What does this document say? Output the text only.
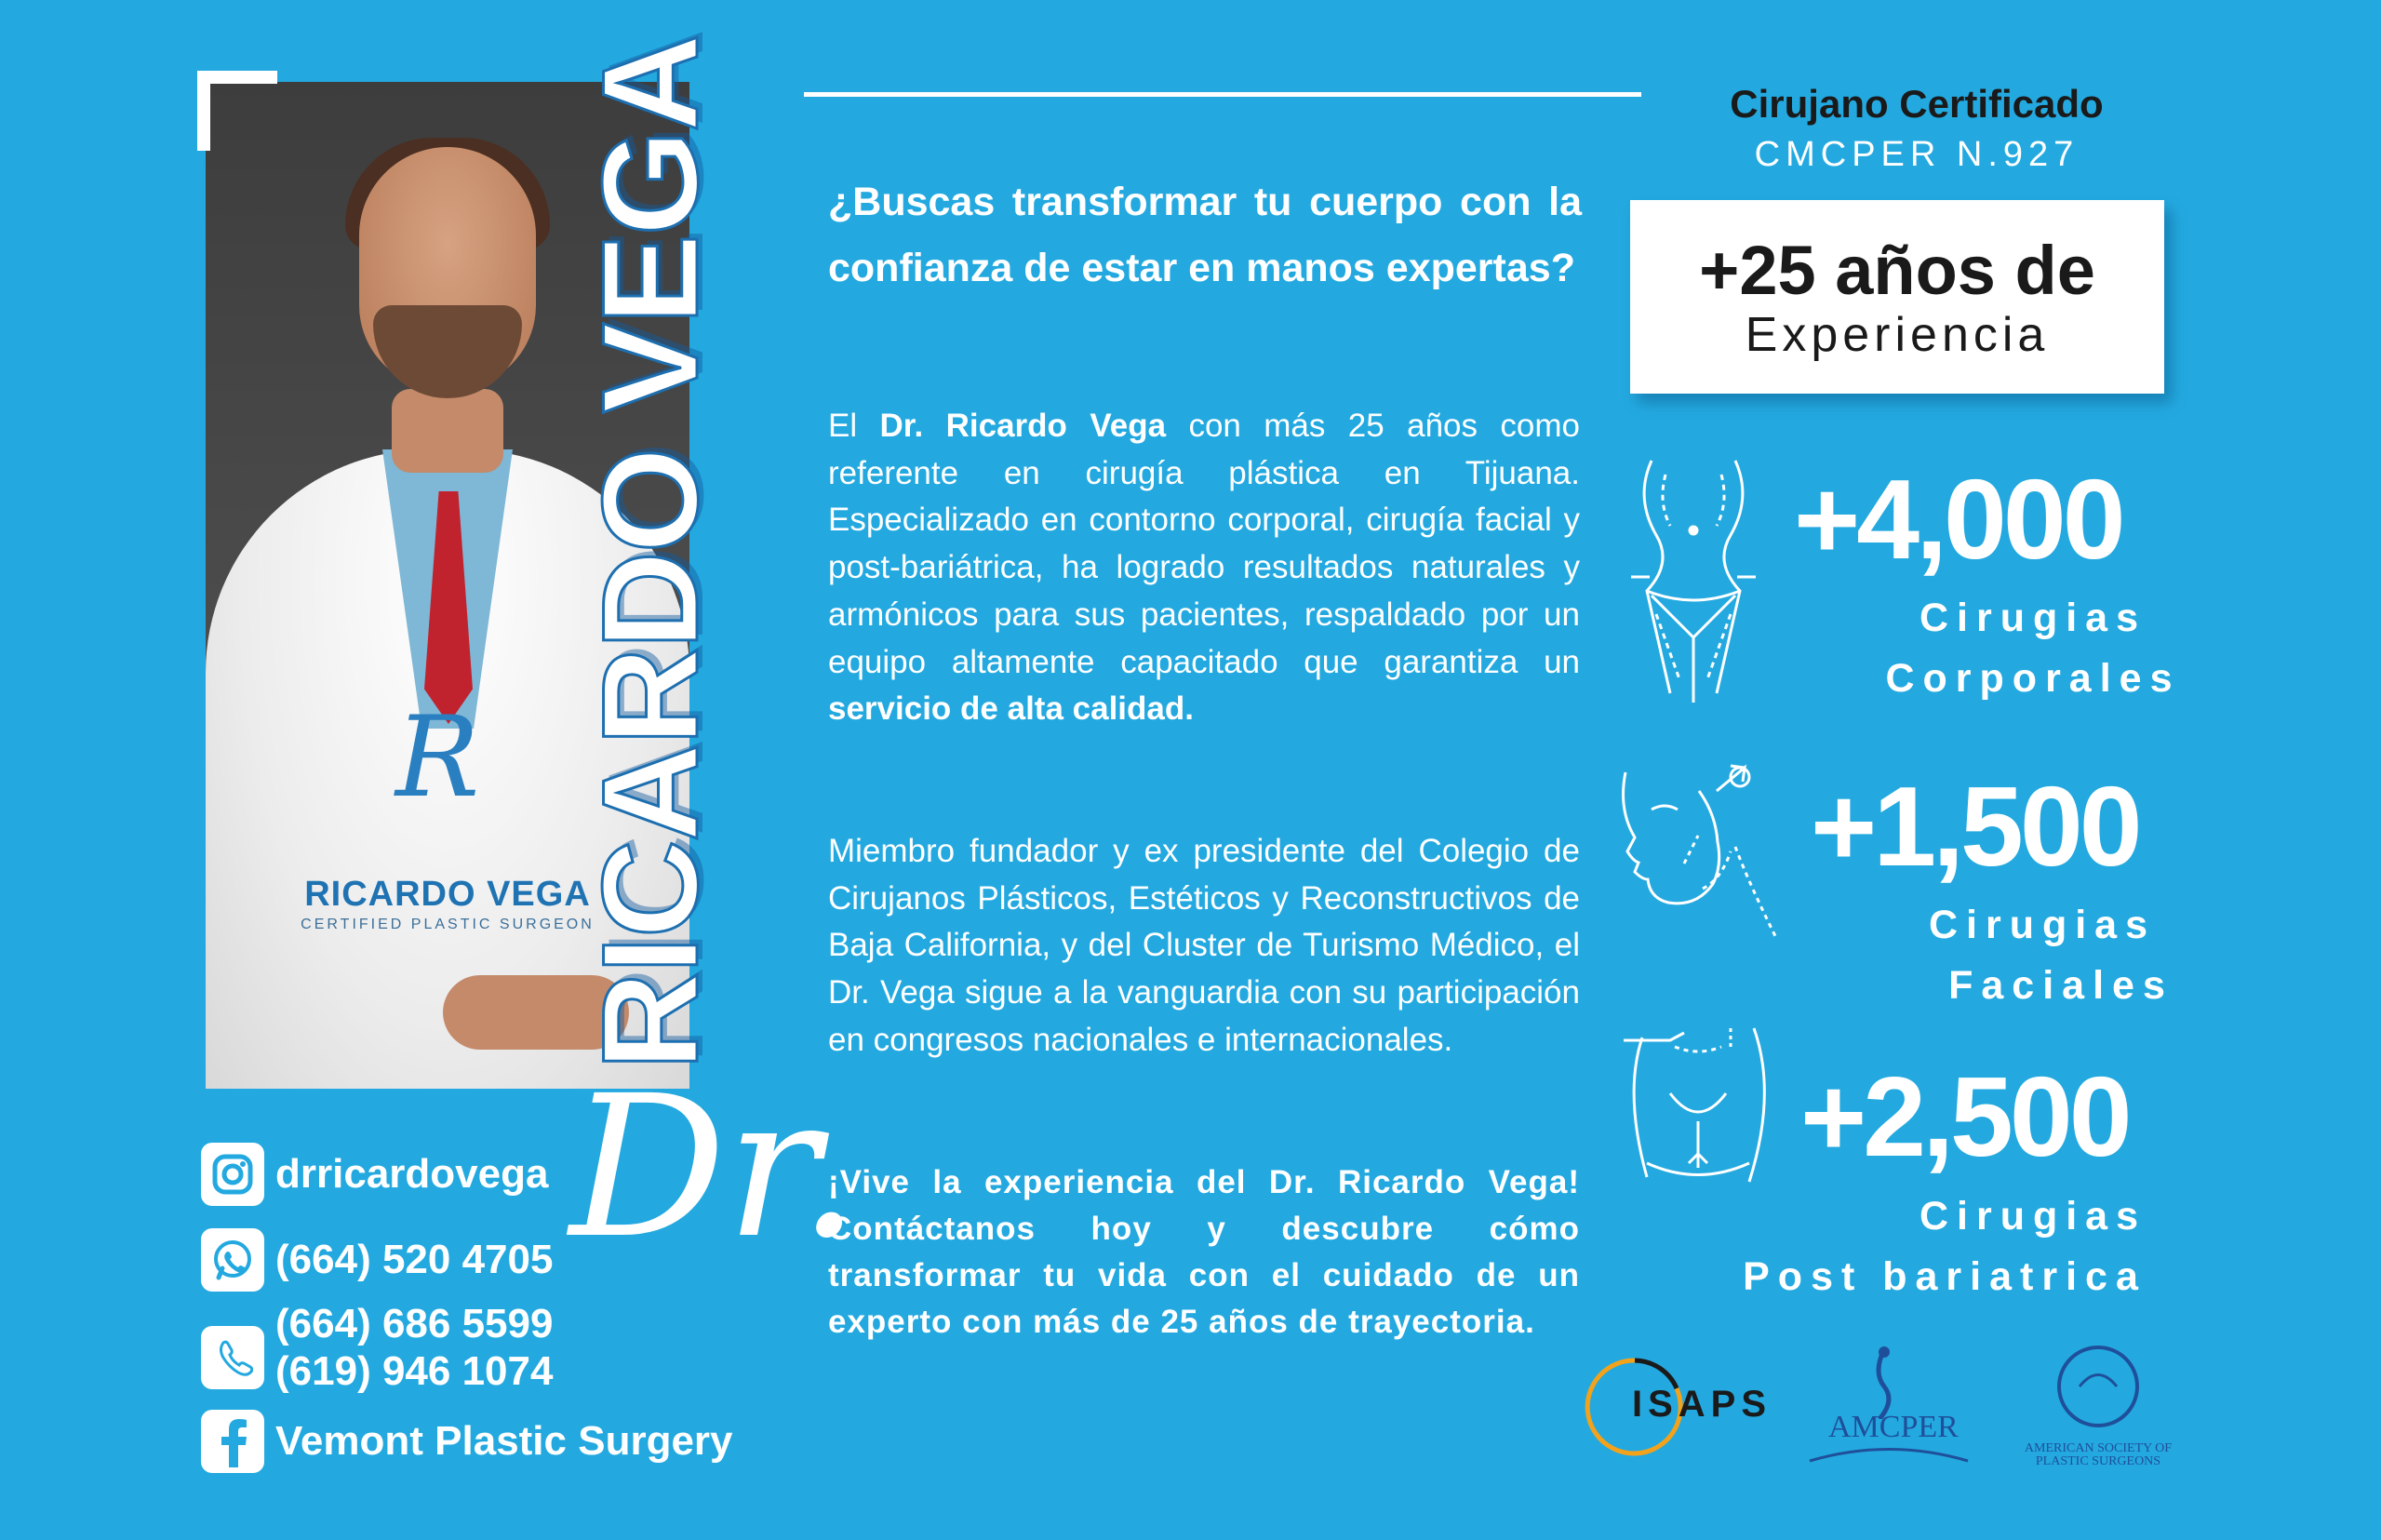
R
RICARDO VEGA
CERTIFIED PLASTIC SURGEON
RICARDO VEGA
Dr.
drricardovega
(664) 520 4705
(664) 686 5599
(619) 946 1074
Vemont Plastic Surgery
¿Buscas transformar tu cuerpo con la confianza de estar en manos expertas?
El Dr. Ricardo Vega con más 25 años como referente en cirugía plástica en Tijuana. Especializado en contorno corporal, cirugía facial y post-bariátrica, ha logrado resultados naturales y armónicos para sus pacientes, respaldado por un equipo altamente capacitado que garantiza un servicio de alta calidad.
Miembro fundador y ex presidente del Colegio de Cirujanos Plásticos, Estéticos y Reconstructivos de Baja California, y del Cluster de Turismo Médico, el Dr. Vega sigue a la vanguardia con su participación en congresos nacionales e internacionales.
¡Vive la experiencia del Dr. Ricardo Vega! Contáctanos hoy y descubre cómo transformar tu vida con el cuidado de un experto con más de 25 años de trayectoria.
Cirujano Certificado
CMCPER N.927
+25 años de
Experiencia
+4,000
Cirugias
Corporales
+1,500
Cirugias
Faciales
+2,500
Cirugias
Post bariatrica
ISAPS
AMCPER
AMERICAN SOCIETY OF PLASTIC SURGEONS
